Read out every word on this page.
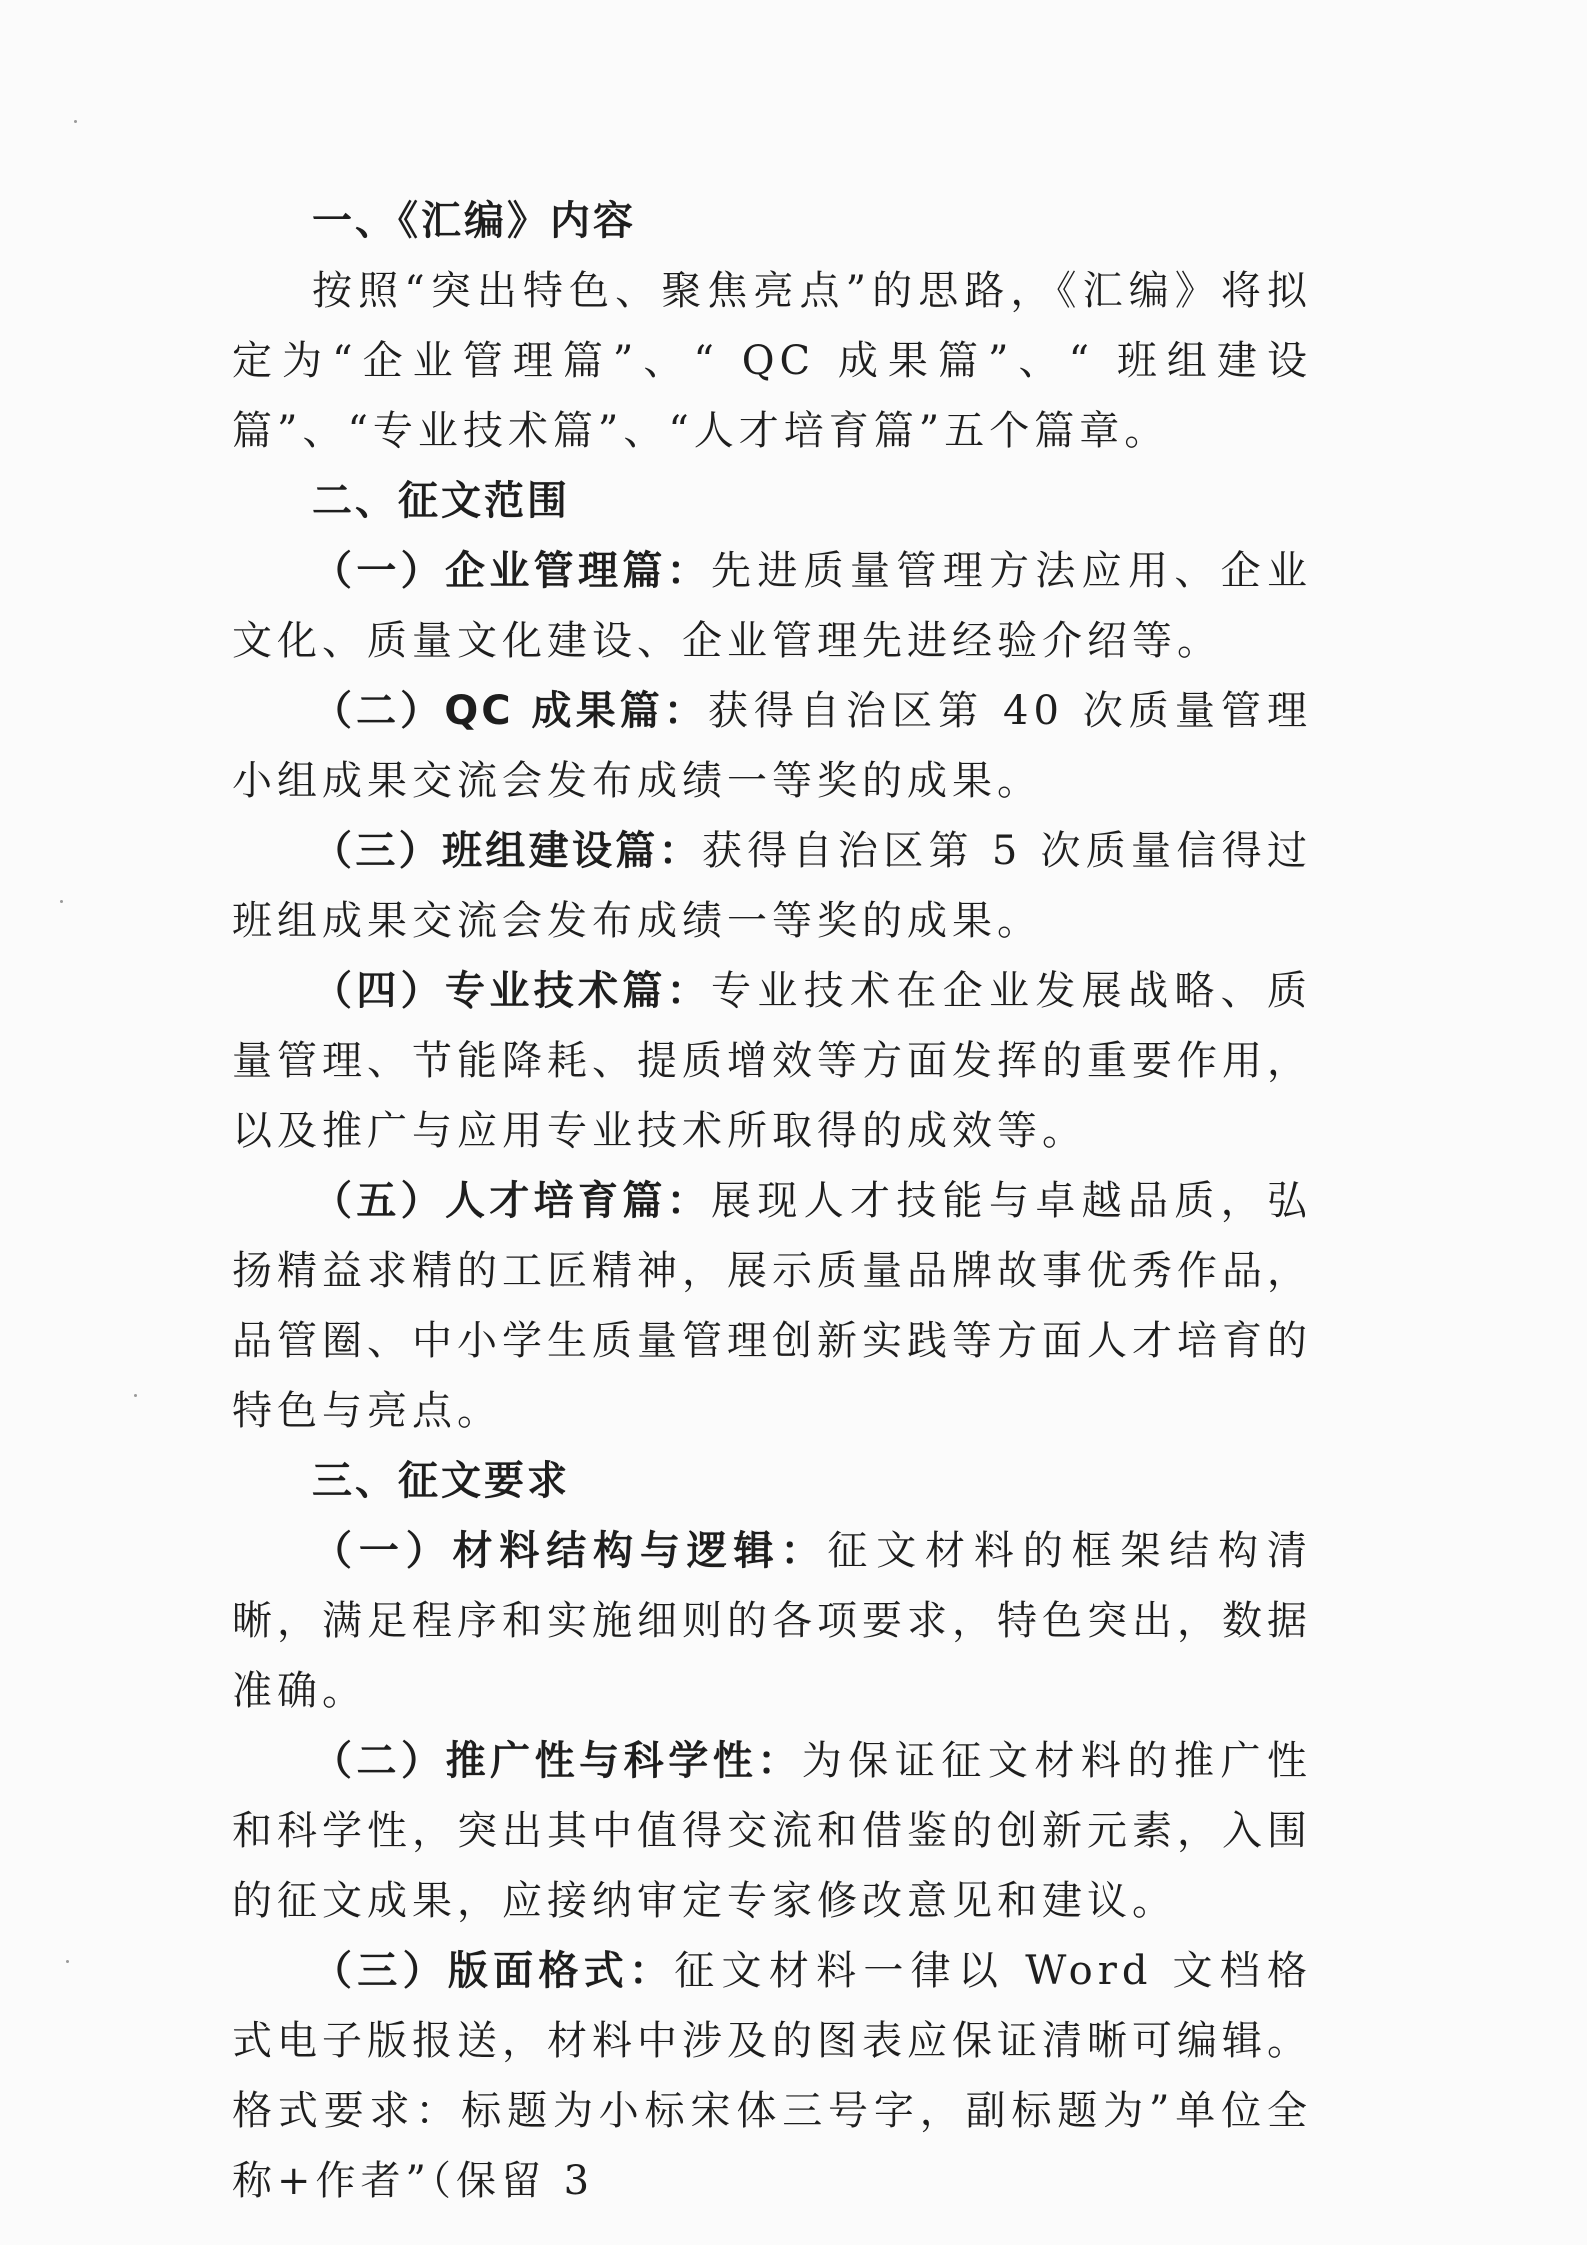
一、《汇编》内容

按照“突出特色、聚焦亮点”的思路，《汇编》将拟定为“企业管理篇”、“ QC 成果篇”、“ 班组建设篇”、“专业技术篇”、“人才培育篇”五个篇章。

二、征文范围

（一）企业管理篇：先进质量管理方法应用、企业文化、质量文化建设、企业管理先进经验介绍等。

（二）QC 成果篇：获得自治区第 40 次质量管理小组成果交流会发布成绩一等奖的成果。

（三）班组建设篇：获得自治区第 5 次质量信得过班组成果交流会发布成绩一等奖的成果。

（四）专业技术篇：专业技术在企业发展战略、质量管理、节能降耗、提质增效等方面发挥的重要作用，以及推广与应用专业技术所取得的成效等。

（五）人才培育篇：展现人才技能与卓越品质，弘扬精益求精的工匠精神，展示质量品牌故事优秀作品，品管圈、中小学生质量管理创新实践等方面人才培育的特色与亮点。

三、征文要求

（一）材料结构与逻辑：征文材料的框架结构清晰，满足程序和实施细则的各项要求，特色突出，数据准确。

（二）推广性与科学性：为保证征文材料的推广性和科学性，突出其中值得交流和借鉴的创新元素，入围的征文成果，应接纳审定专家修改意见和建议。

（三）版面格式：征文材料一律以 Word 文档格式电子版报送，材料中涉及的图表应保证清晰可编辑。格式要求：标题为小标宋体三号字，副标题为”单位全称+作者”（保留 3
